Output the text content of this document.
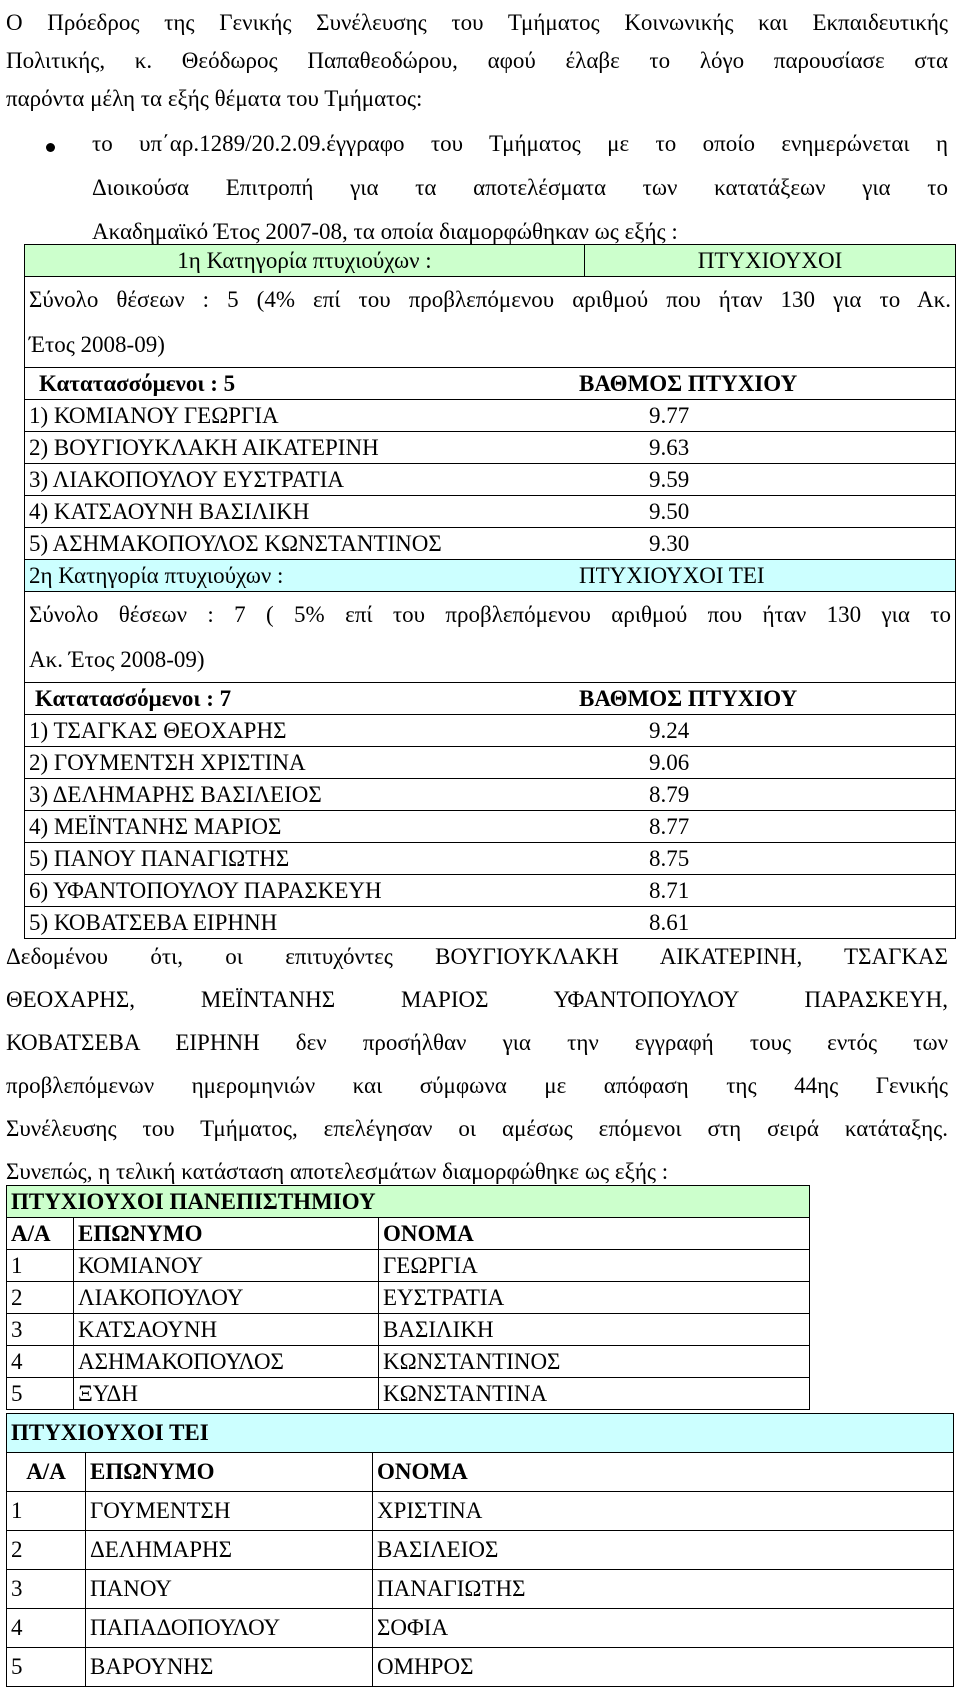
Ο Πρόεδρος της Γενικής Συνέλευσης του Τμήματος Κοινωνικής και Εκπαιδευτικής

Πολιτικής, κ. Θεόδωρος Παπαθεοδώρου, αφού έλαβε το λόγο παρουσίασε στα

παρόντα μέλη τα εξής θέματα του Τμήματος:

το υπ΄αρ.1289/20.2.09.έγγραφο του Τμήματος με το οποίο ενημερώνεται η

Διοικούσα Επιτροπή για τα αποτελέσματα των κατατάξεων για το

Ακαδημαϊκό Έτος 2007-08, τα οποία διαμορφώθηκαν ως εξής :

1η Κατηγορία πτυχιούχων :	ΠΤΥΧΙΟΥΧΟΙ

Σύνολο θέσεων : 5 (4% επί του προβλεπόμενου αριθμού που ήταν 130 για το Ακ.

Έτος 2008-09)

Κατατασσόμενοι : 5	ΒΑΘΜΟΣ ΠΤΥΧΙΟΥ
1) ΚΟΜΙΑΝΟΥ ΓΕΩΡΓΙΑ	9.77
2) ΒΟΥΓΙΟΥΚΛΑΚΗ ΑΙΚΑΤΕΡΙΝΗ	9.63
3) ΛΙΑΚΟΠΟΥΛΟΥ ΕΥΣΤΡΑΤΙΑ	9.59
4) ΚΑΤΣΑΟΥΝΗ ΒΑΣΙΛΙΚΗ	9.50
5) ΑΣΗΜΑΚΟΠΟΥΛΟΣ ΚΩΝΣΤΑΝΤΙΝΟΣ	9.30
2η Κατηγορία πτυχιούχων :	ΠΤΥΧΙΟΥΧΟΙ ΤΕΙ

Σύνολο θέσεων : 7 ( 5% επί του προβλεπόμενου αριθμού που ήταν 130 για το

Ακ. Έτος 2008-09)

Κατατασσόμενοι : 7	ΒΑΘΜΟΣ ΠΤΥΧΙΟΥ
1) ΤΣΑΓΚΑΣ ΘΕΟΧΑΡΗΣ	9.24
2) ΓΟΥΜΕΝΤΣΗ ΧΡΙΣΤΙΝΑ	9.06
3) ΔΕΛΗΜΑΡΗΣ ΒΑΣΙΛΕΙΟΣ	8.79
4) ΜΕΪΝΤΑΝΗΣ ΜΑΡΙΟΣ	8.77
5) ΠΑΝΟΥ ΠΑΝΑΓΙΩΤΗΣ	8.75
6) ΥΦΑΝΤΟΠΟΥΛΟΥ ΠΑΡΑΣΚΕΥΗ	8.71
5) ΚΟΒΑΤΣΕΒΑ ΕΙΡΗΝΗ	8.61

Δεδομένου ότι, οι επιτυχόντες ΒΟΥΓΙΟΥΚΛΑΚΗ ΑΙΚΑΤΕΡΙΝΗ, ΤΣΑΓΚΑΣ

ΘΕΟΧΑΡΗΣ, ΜΕΪΝΤΑΝΗΣ ΜΑΡΙΟΣ ΥΦΑΝΤΟΠΟΥΛΟΥ ΠΑΡΑΣΚΕΥΗ,

ΚΟΒΑΤΣΕΒΑ ΕΙΡΗΝΗ δεν προσήλθαν για την εγγραφή τους εντός των

προβλεπόμενων ημερομηνιών και σύμφωνα με απόφαση της 44ης Γενικής

Συνέλευσης του Τμήματος, επελέγησαν οι αμέσως επόμενοι στη σειρά κατάταξης.

Συνεπώς, η τελική κατάσταση αποτελεσμάτων διαμορφώθηκε ως εξής :

ΠΤΥΧΙΟΥΧΟΙ ΠΑΝΕΠΙΣΤΗΜΙΟΥ		
Α/Α	ΕΠΩΝΥΜΟ	ΟΝΟΜΑ
1	ΚΟΜΙΑΝΟΥ	ΓΕΩΡΓΙΑ
2	ΛΙΑΚΟΠΟΥΛΟΥ	ΕΥΣΤΡΑΤΙΑ
3	ΚΑΤΣΑΟΥΝΗ	ΒΑΣΙΛΙΚΗ
4	ΑΣΗΜΑΚΟΠΟΥΛΟΣ	ΚΩΝΣΤΑΝΤΙΝΟΣ
5	ΞΥΔΗ	ΚΩΝΣΤΑΝΤΙΝΑ
ΠΤΥΧΙΟΥΧΟΙ ΤΕΙ		
Α/Α	ΕΠΩΝΥΜΟ	ΟΝΟΜΑ
1	ΓΟΥΜΕΝΤΣΗ	ΧΡΙΣΤΙΝΑ
2	ΔΕΛΗΜΑΡΗΣ	ΒΑΣΙΛΕΙΟΣ
3	ΠΑΝΟΥ	ΠΑΝΑΓΙΩΤΗΣ
4	ΠΑΠΑΔΟΠΟΥΛΟΥ	ΣΟΦΙΑ
5	ΒΑΡΟΥΝΗΣ	ΟΜΗΡΟΣ
